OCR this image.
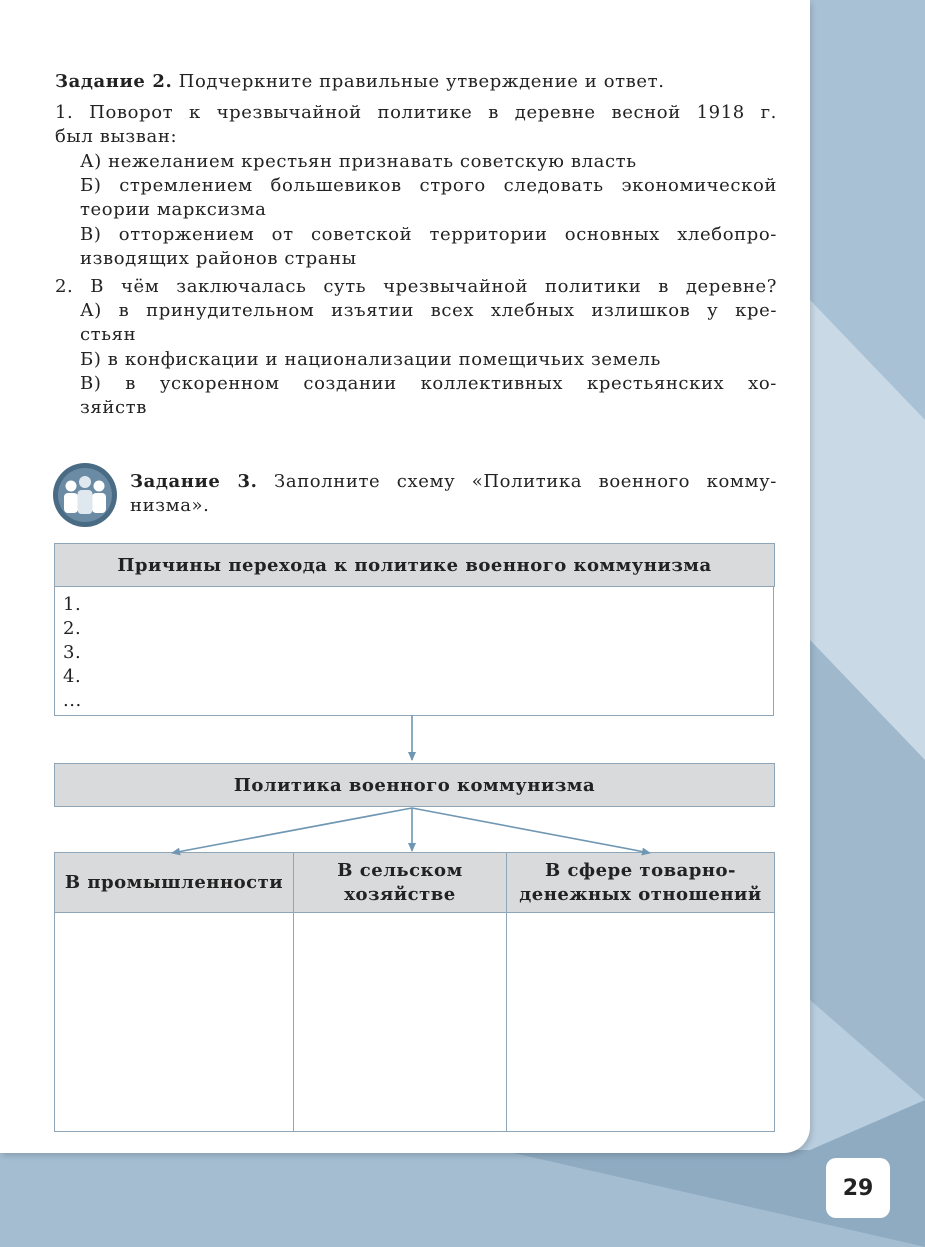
Задание 2. Подчеркните правильные утверждение и ответ.
1. Поворот к чрезвычайной политике в деревне весной 1918 г.
был вызван:
А) нежеланием крестьян признавать советскую власть
Б) стремлением большевиков строго следовать экономической
теории марксизма
В) отторжением от советской территории основных хлебопро-
изводящих районов страны
2. В чём заключалась суть чрезвычайной политики в деревне?
А) в принудительном изъятии всех хлебных излишков у кре-
стьян
Б) в конфискации и национализации помещичьих земель
В) в ускоренном создании коллективных крестьянских хо-
зяйств
Задание 3. Заполните схему «Политика военного комму-
низма».
Причины перехода к политике военного коммунизма
1.
2.
3.
4.
...
Политика военного коммунизма
В промышленности

В сельском
хозяйстве
В сфере товарно-
денежных отношений
29
